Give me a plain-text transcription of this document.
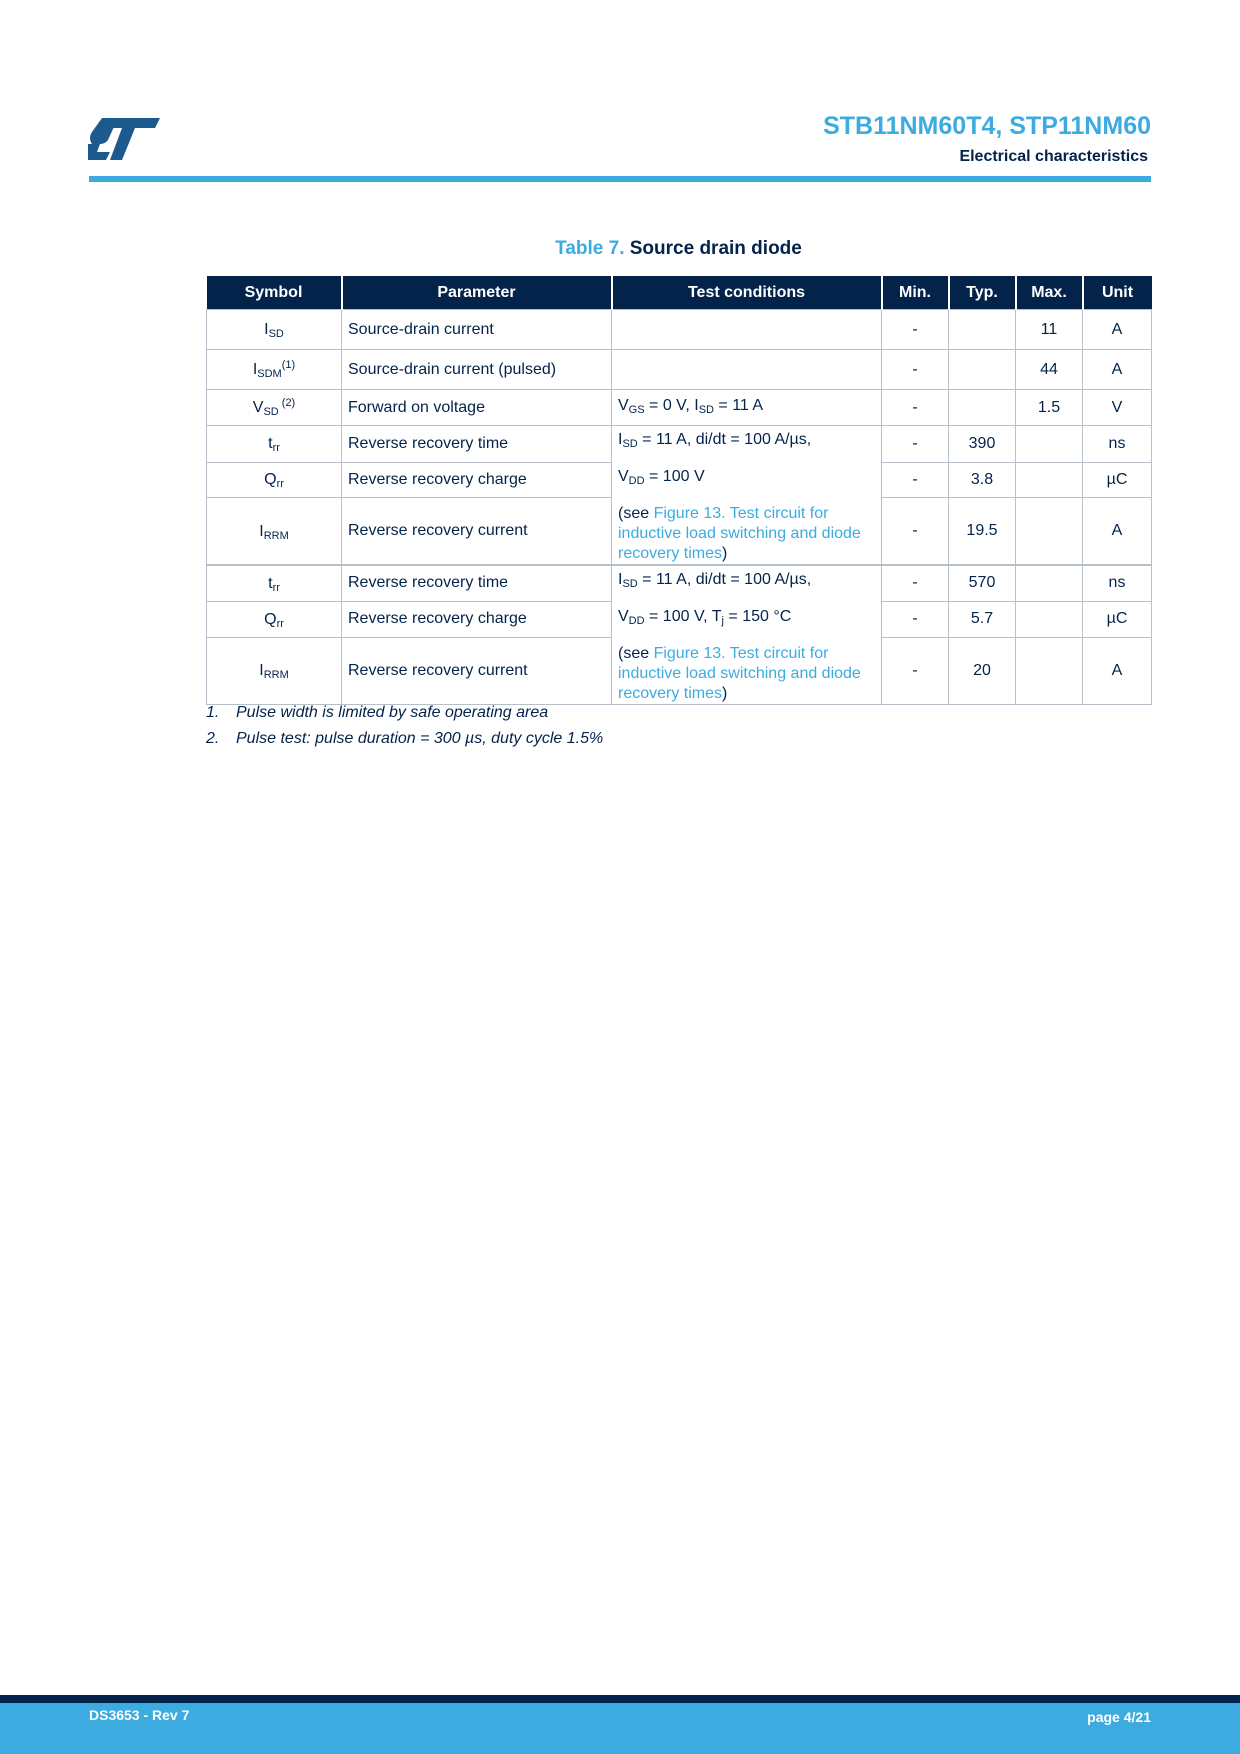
STB11NM60T4, STP11NM60
Electrical characteristics
Table 7. Source drain diode
Symbol	Parameter	Test conditions	Min.	Typ.	Max.	Unit
$I_{SD}$	Source-drain current		-		11	A
$I_{SDM}^{(1)}$	Source-drain current (pulsed)		-		44	A
$V_{SD}$ $^{(2)}$	Forward on voltage	$V_{GS} = 0$ V, $I_{SD} = 11$ A	-		1.5	V
$t_{rr}$	Reverse recovery time	$I_{SD} = 11$ A, di/dt = 100 A/µs,
$V_{DD} = 100$ V
(see Figure 13. Test circuit for inductive load switching and diode recovery times)	-	390		ns
$Q_{rr}$	Reverse recovery charge		-	3.8		µC
$I_{RRM}$	Reverse recovery current		-	19.5		A
$t_{rr}$	Reverse recovery time	$I_{SD} = 11$ A, di/dt = 100 A/µs,
$V_{DD} = 100$ V, $T_j = 150$ °C
(see Figure 13. Test circuit for inductive load switching and diode recovery times)	-	570		ns
$Q_{rr}$	Reverse recovery charge		-	5.7		µC
$I_{RRM}$	Reverse recovery current		-	20		A
1. Pulse width is limited by safe operating area
2. Pulse test: pulse duration = 300 µs, duty cycle 1.5%
DS3653 - Rev 7	page 4/21
